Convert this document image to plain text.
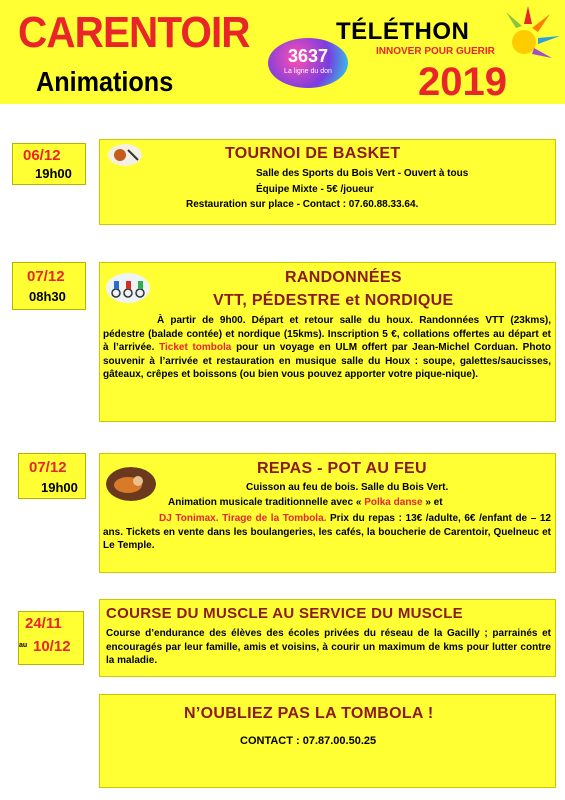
CARENTOIR
Animations
3637
La ligne du don
TÉLÉTHON
INNOVER POUR GUERIR
2019
06/12
19h00
TOURNOI DE BASKET
Salle des Sports du Bois Vert - Ouvert à tous
Équipe Mixte - 5€ /joueur
Restauration sur place - Contact : 07.60.88.33.64.
07/12
08h30
RANDONNÉES
VTT, PÉDESTRE et NORDIQUE
À partir de 9h00. Départ et retour salle du houx. Randonnées VTT (23kms), pédestre (balade contée) et nordique (15kms). Inscription 5 €, collations offertes au départ et à l’arrivée. Ticket tombola pour un voyage en ULM offert par Jean-Michel Corduan. Photo souvenir à l’arrivée et restauration en musique salle du Houx : soupe, galettes/saucisses, gâteaux, crêpes et boissons (ou bien vous pouvez apporter votre pique-nique).
07/12
19h00
REPAS - POT AU FEU
Cuisson au feu de bois. Salle du Bois Vert.
Animation musicale traditionnelle avec « Polka danse » et
DJ Tonimax. Tirage de la Tombola. Prix du repas : 13€ /adulte, 6€ /enfant de – 12 ans. Tickets en vente dans les boulangeries, les cafés, la boucherie de Carentoir, Quelneuc et Le Temple.
24/11
au 10/12
COURSE DU MUSCLE AU SERVICE DU MUSCLE
Course d’endurance des élèves des écoles privées du réseau de la Gacilly ; parrainés et encouragés par leur famille, amis et voisins, à courir un maximum de kms pour lutter contre la maladie.
N’OUBLIEZ PAS LA TOMBOLA !
CONTACT : 07.87.00.50.25
